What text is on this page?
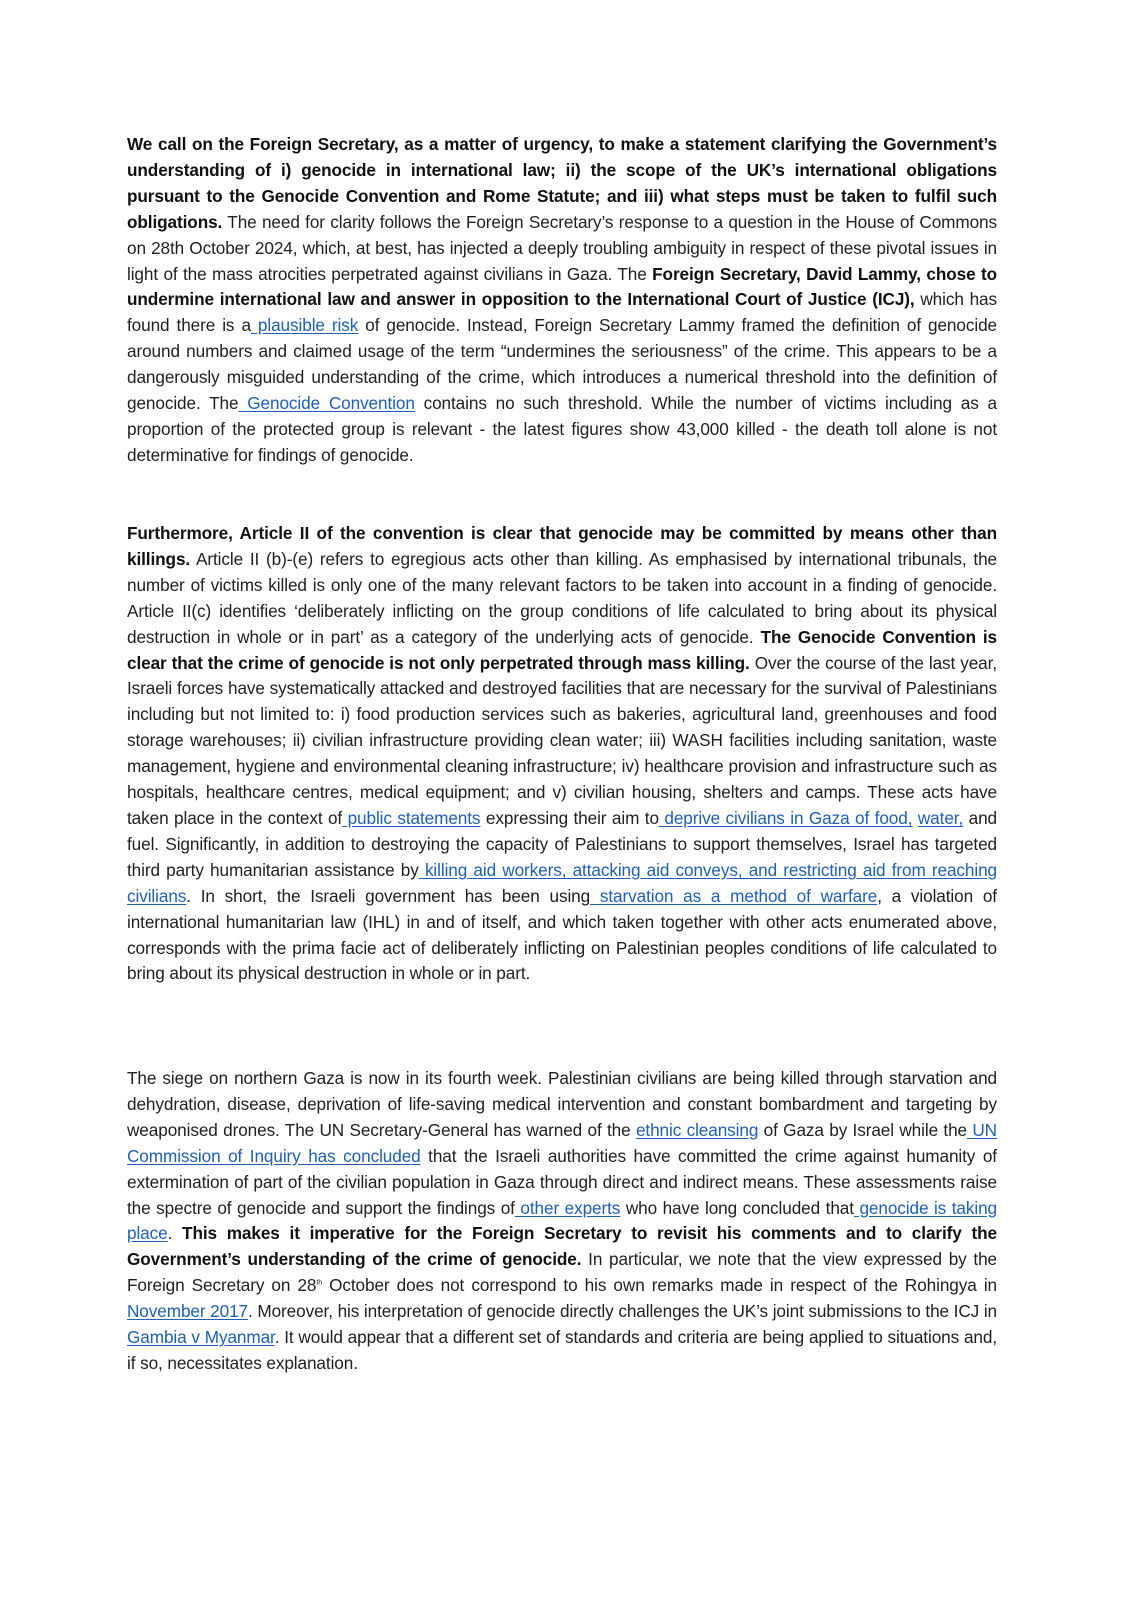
We call on the Foreign Secretary, as a matter of urgency, to make a statement clarifying the Government’s understanding of i) genocide in international law; ii) the scope of the UK’s international obligations pursuant to the Genocide Convention and Rome Statute; and iii) what steps must be taken to fulfil such obligations. The need for clarity follows the Foreign Secretary’s response to a question in the House of Commons on 28th October 2024, which, at best, has injected a deeply troubling ambiguity in respect of these pivotal issues in light of the mass atrocities perpetrated against civilians in Gaza. The Foreign Secretary, David Lammy, chose to undermine international law and answer in opposition to the International Court of Justice (ICJ), which has found there is a plausible risk of genocide. Instead, Foreign Secretary Lammy framed the definition of genocide around numbers and claimed usage of the term “undermines the seriousness” of the crime. This appears to be a dangerously misguided understanding of the crime, which introduces a numerical threshold into the definition of genocide. The Genocide Convention contains no such threshold. While the number of victims including as a proportion of the protected group is relevant - the latest figures show 43,000 killed - the death toll alone is not determinative for findings of genocide.

Furthermore, Article II of the convention is clear that genocide may be committed by means other than killings. Article II (b)-(e) refers to egregious acts other than killing. As emphasised by international tribunals, the number of victims killed is only one of the many relevant factors to be taken into account in a finding of genocide. Article II(c) identifies ‘deliberately inflicting on the group conditions of life calculated to bring about its physical destruction in whole or in part’ as a category of the underlying acts of genocide. The Genocide Convention is clear that the crime of genocide is not only perpetrated through mass killing. Over the course of the last year, Israeli forces have systematically attacked and destroyed facilities that are necessary for the survival of Palestinians including but not limited to: i) food production services such as bakeries, agricultural land, greenhouses and food storage warehouses; ii) civilian infrastructure providing clean water; iii) WASH facilities including sanitation, waste management, hygiene and environmental cleaning infrastructure; iv) healthcare provision and infrastructure such as hospitals, healthcare centres, medical equipment; and v) civilian housing, shelters and camps. These acts have taken place in the context of public statements expressing their aim to deprive civilians in Gaza of food, water, and fuel. Significantly, in addition to destroying the capacity of Palestinians to support themselves, Israel has targeted third party humanitarian assistance by killing aid workers, attacking aid conveys, and restricting aid from reaching civilians. In short, the Israeli government has been using starvation as a method of warfare, a violation of international humanitarian law (IHL) in and of itself, and which taken together with other acts enumerated above, corresponds with the prima facie act of deliberately inflicting on Palestinian peoples conditions of life calculated to bring about its physical destruction in whole or in part.

The siege on northern Gaza is now in its fourth week. Palestinian civilians are being killed through starvation and dehydration, disease, deprivation of life-saving medical intervention and constant bombardment and targeting by weaponised drones. The UN Secretary-General has warned of the ethnic cleansing of Gaza by Israel while the UN Commission of Inquiry has concluded that the Israeli authorities have committed the crime against humanity of extermination of part of the civilian population in Gaza through direct and indirect means. These assessments raise the spectre of genocide and support the findings of other experts who have long concluded that genocide is taking place. This makes it imperative for the Foreign Secretary to revisit his comments and to clarify the Government’s understanding of the crime of genocide. In particular, we note that the view expressed by the Foreign Secretary on 28th October does not correspond to his own remarks made in respect of the Rohingya in November 2017. Moreover, his interpretation of genocide directly challenges the UK’s joint submissions to the ICJ in Gambia v Myanmar. It would appear that a different set of standards and criteria are being applied to situations and, if so, necessitates explanation.
